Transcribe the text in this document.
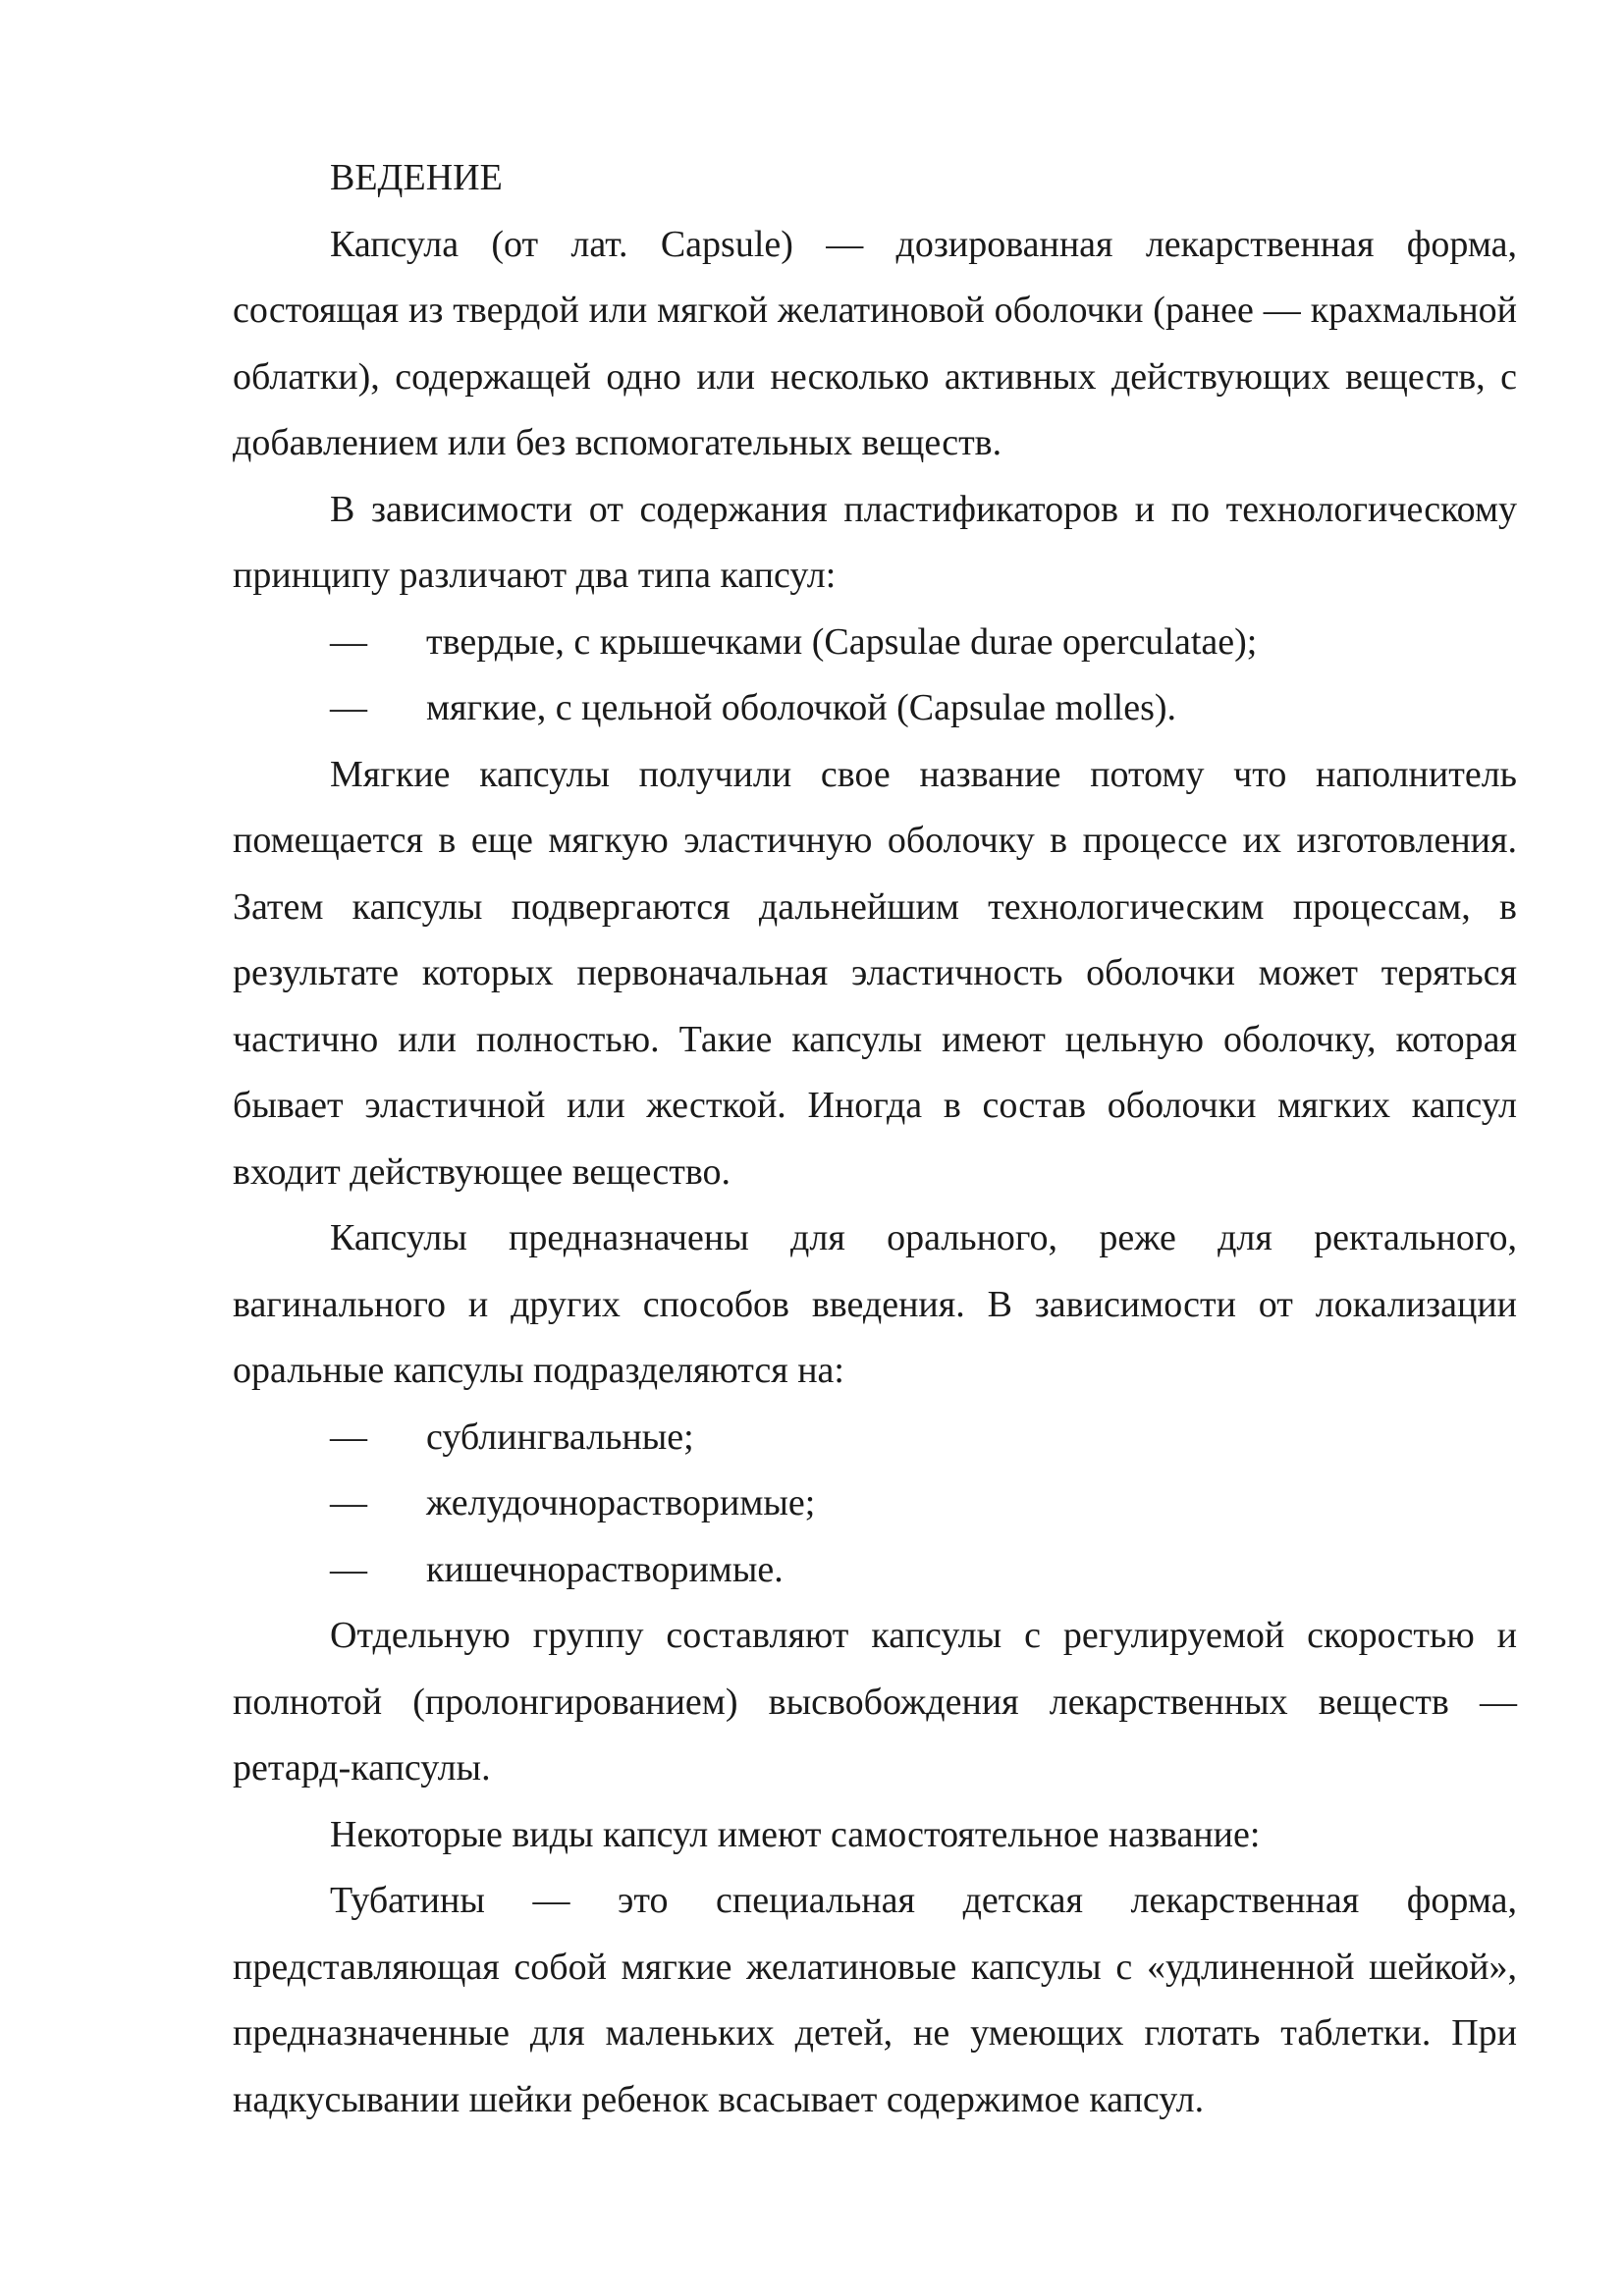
ВЕДЕНИЕ

Капсула (от лат. Capsule) — дозированная лекарственная форма, состоящая из твердой или мягкой желатиновой оболочки (ранее — крахмальной облатки), содержащей одно или несколько активных действующих веществ, с добавлением или без вспомогательных веществ.

В зависимости от содержания пластификаторов и по технологическому принципу различают два типа капсул:

— твердые, с крышечками (Capsulae durae operculatae);
— мягкие, с цельной оболочкой (Capsulae molles).

Мягкие капсулы получили свое название потому что наполнитель помещается в еще мягкую эластичную оболочку в процессе их изготовления. Затем капсулы подвергаются дальнейшим технологическим процессам, в результате которых первоначальная эластичность оболочки может теряться частично или полностью. Такие капсулы имеют цельную оболочку, которая бывает эластичной или жесткой. Иногда в состав оболочки мягких капсул входит действующее вещество.

Капсулы предназначены для орального, реже для ректального, вагинального и других способов введения. В зависимости от локализации оральные капсулы подразделяются на:

— сублингвальные;
— желудочнорастворимые;
— кишечнорастворимые.

Отдельную группу составляют капсулы с регулируемой скоростью и полнотой (пролонгированием) высвобождения лекарственных веществ — ретард-капсулы.

Некоторые виды капсул имеют самостоятельное название:

Тубатины — это специальная детская лекарственная форма, представляющая собой мягкие желатиновые капсулы с «удлиненной шейкой», предназначенные для маленьких детей, не умеющих глотать таблетки. При надкусывании шейки ребенок всасывает содержимое капсул.
